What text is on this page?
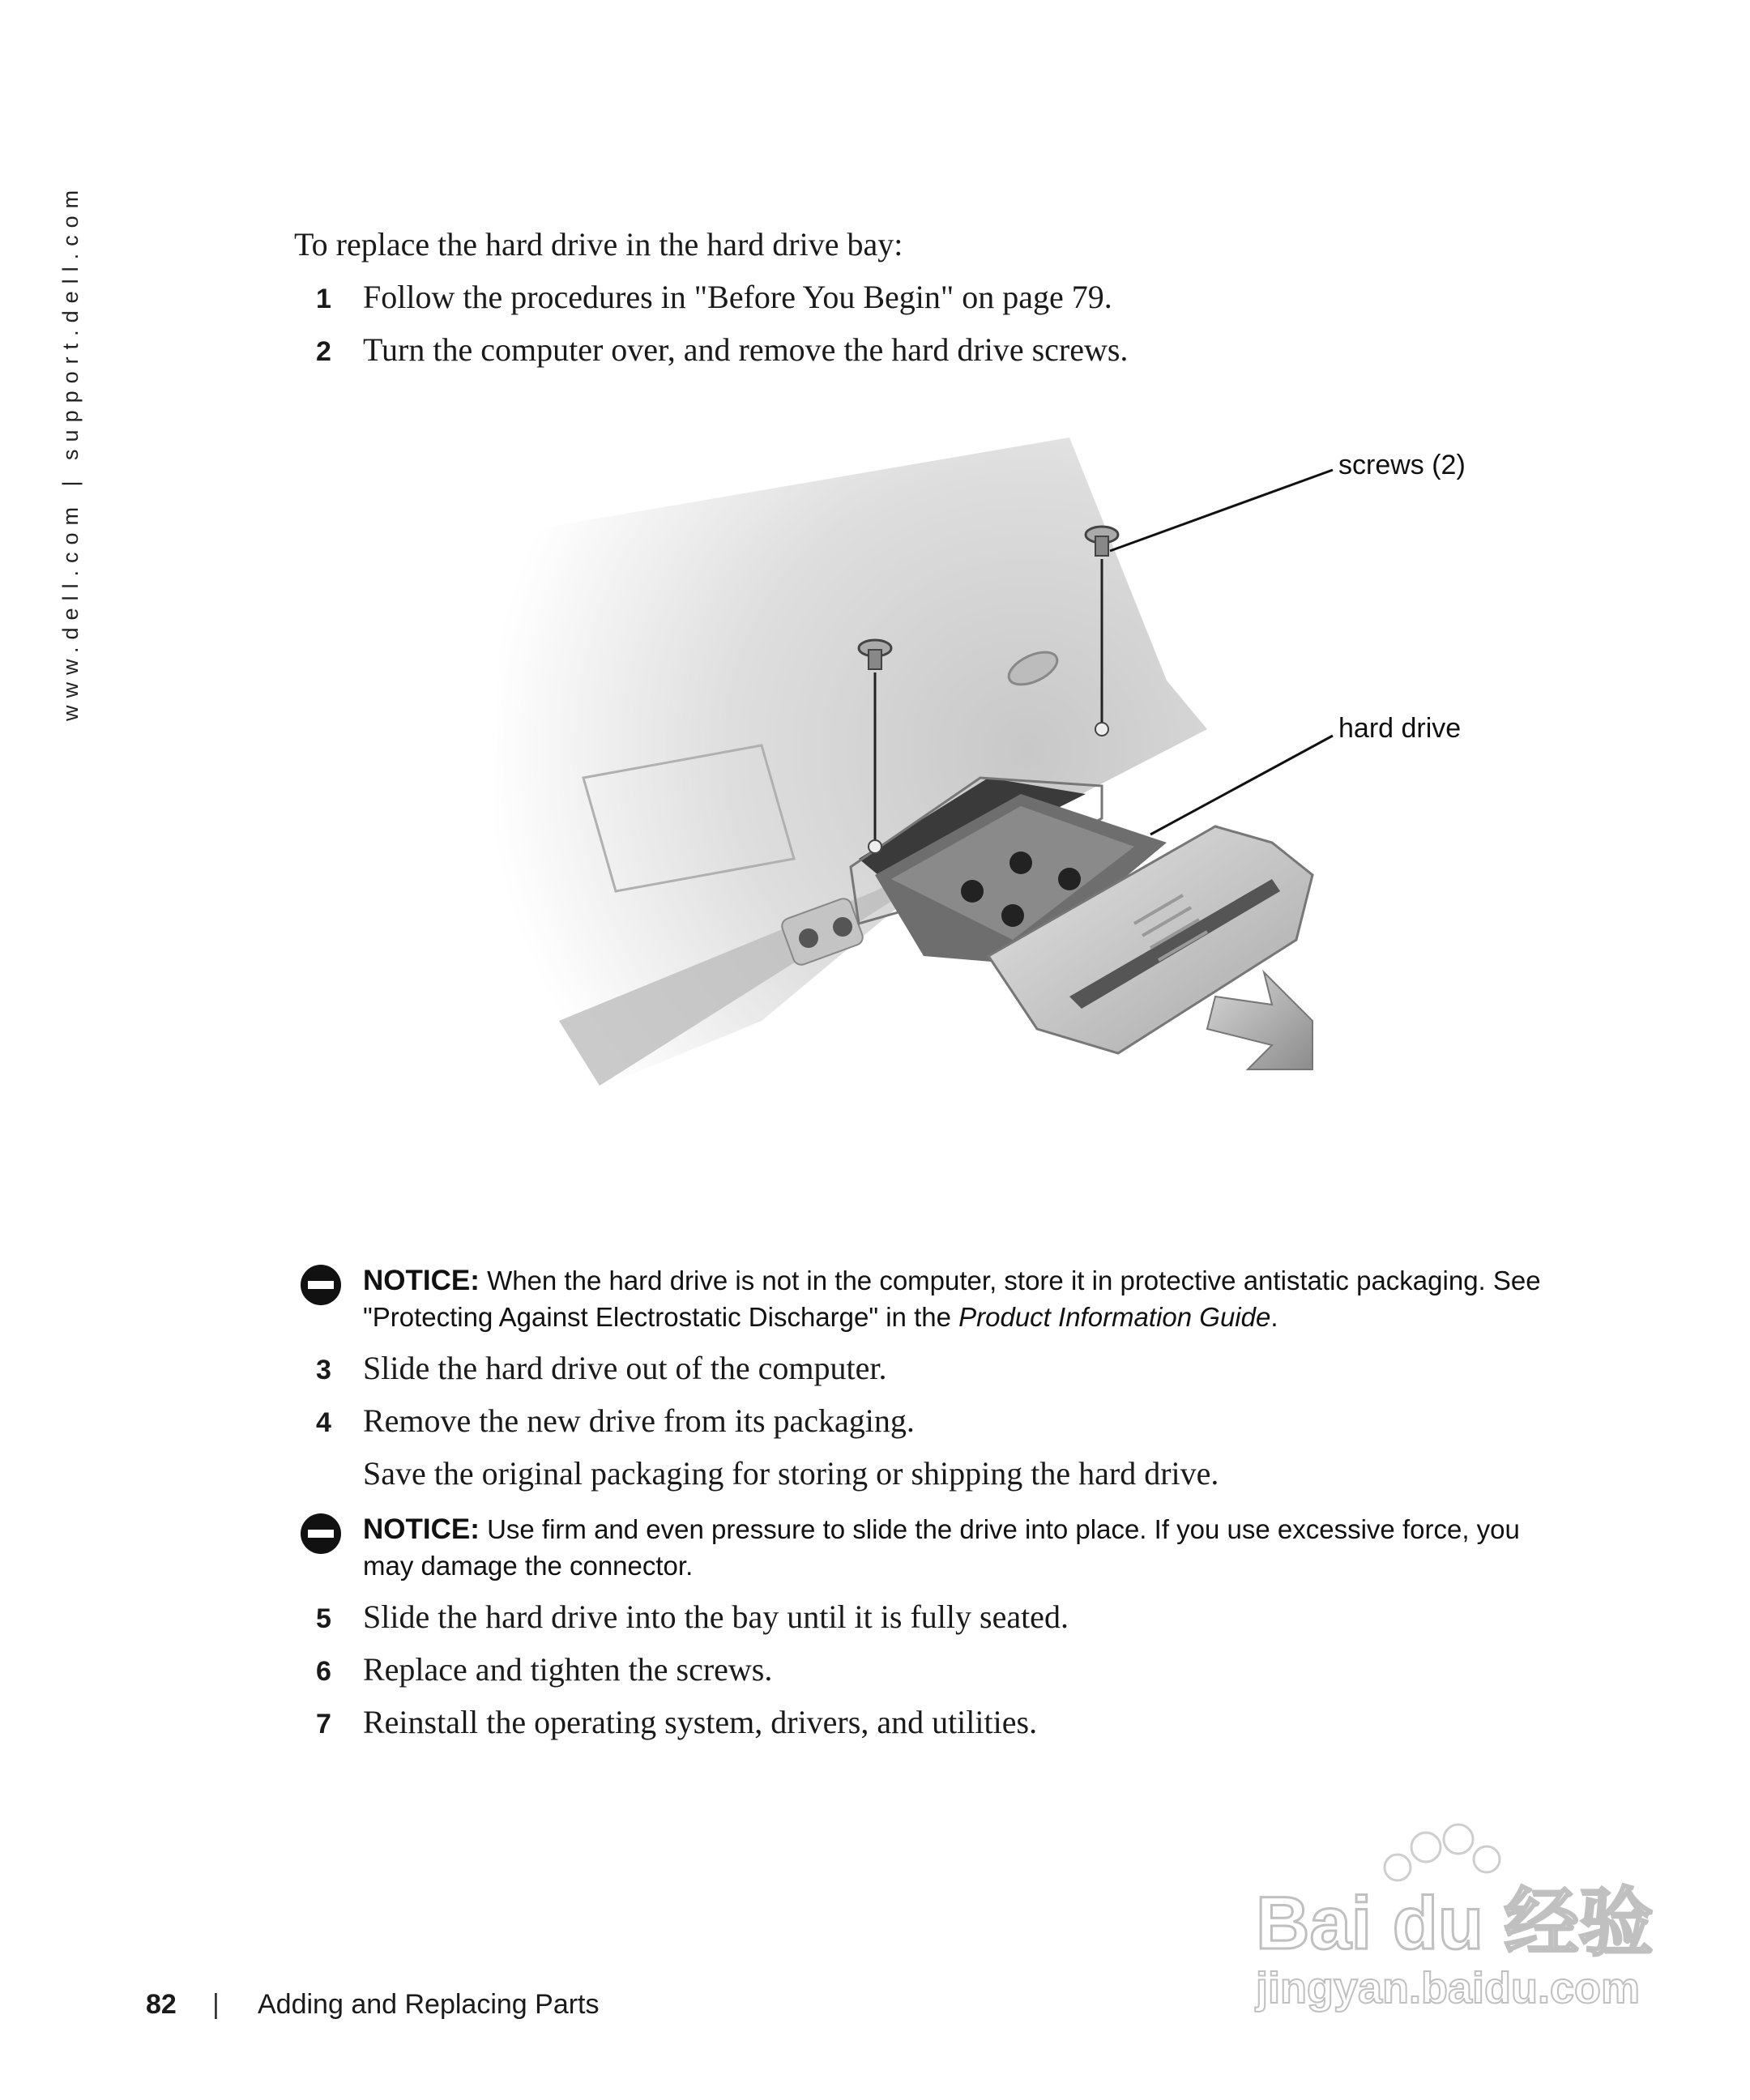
www.dell.com | support.dell.com	To replace the hard drive in the hard drive bay:
1 Follow the procedures in "Before You Begin" on page 79.
2 Turn the computer over, and remove the hard drive screws.
screws (2)
hard drive
NOTICE: When the hard drive is not in the computer, store it in protective antistatic packaging. See "Protecting Against Electrostatic Discharge" in the Product Information Guide.
3 Slide the hard drive out of the computer.
4 Remove the new drive from its packaging.
Save the original packaging for storing or shipping the hard drive.
NOTICE: Use firm and even pressure to slide the drive into place. If you use excessive force, you may damage the connector.
5 Slide the hard drive into the bay until it is fully seated.
6 Replace and tighten the screws.
7 Reinstall the operating system, drivers, and utilities.
82 | Adding and Replacing Parts
Bai du 经验
jingyan.baidu.com
